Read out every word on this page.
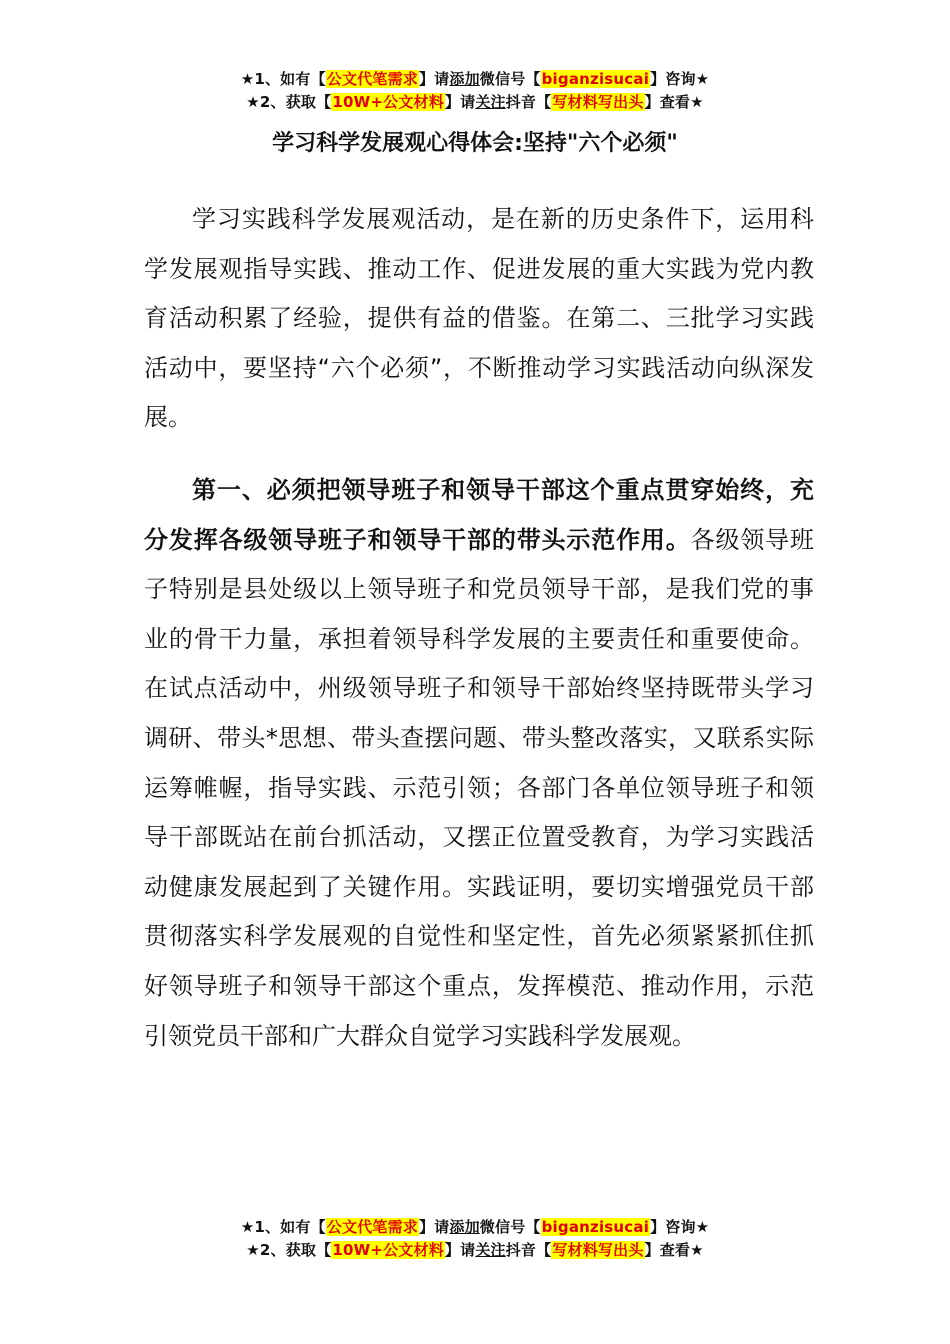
★1、如有【公文代笔需求】请添加微信号【biganzisucai】咨询★
★2、获取【10W+公文材料】请关注抖音【写材料写出头】查看★
学习科学发展观心得体会:坚持"六个必须"

学习实践科学发展观活动，是在新的历史条件下，运用科学发展观指导实践、推动工作、促进发展的重大实践为党内教育活动积累了经验，提供有益的借鉴。在第二、三批学习实践活动中，要坚持“六个必须”，不断推动学习实践活动向纵深发展。

第一、必须把领导班子和领导干部这个重点贯穿始终，充分发挥各级领导班子和领导干部的带头示范作用。各级领导班子特别是县处级以上领导班子和党员领导干部，是我们党的事业的骨干力量，承担着领导科学发展的主要责任和重要使命。在试点活动中，州级领导班子和领导干部始终坚持既带头学习调研、带头*思想、带头查摆问题、带头整改落实，又联系实际运筹帷幄，指导实践、示范引领；各部门各单位领导班子和领导干部既站在前台抓活动，又摆正位置受教育，为学习实践活动健康发展起到了关键作用。实践证明，要切实增强党员干部贯彻落实科学发展观的自觉性和坚定性，首先必须紧紧抓住抓好领导班子和领导干部这个重点，发挥模范、推动作用，示范引领党员干部和广大群众自觉学习实践科学发展观。

★1、如有【公文代笔需求】请添加微信号【biganzisucai】咨询★
★2、获取【10W+公文材料】请关注抖音【写材料写出头】查看★
